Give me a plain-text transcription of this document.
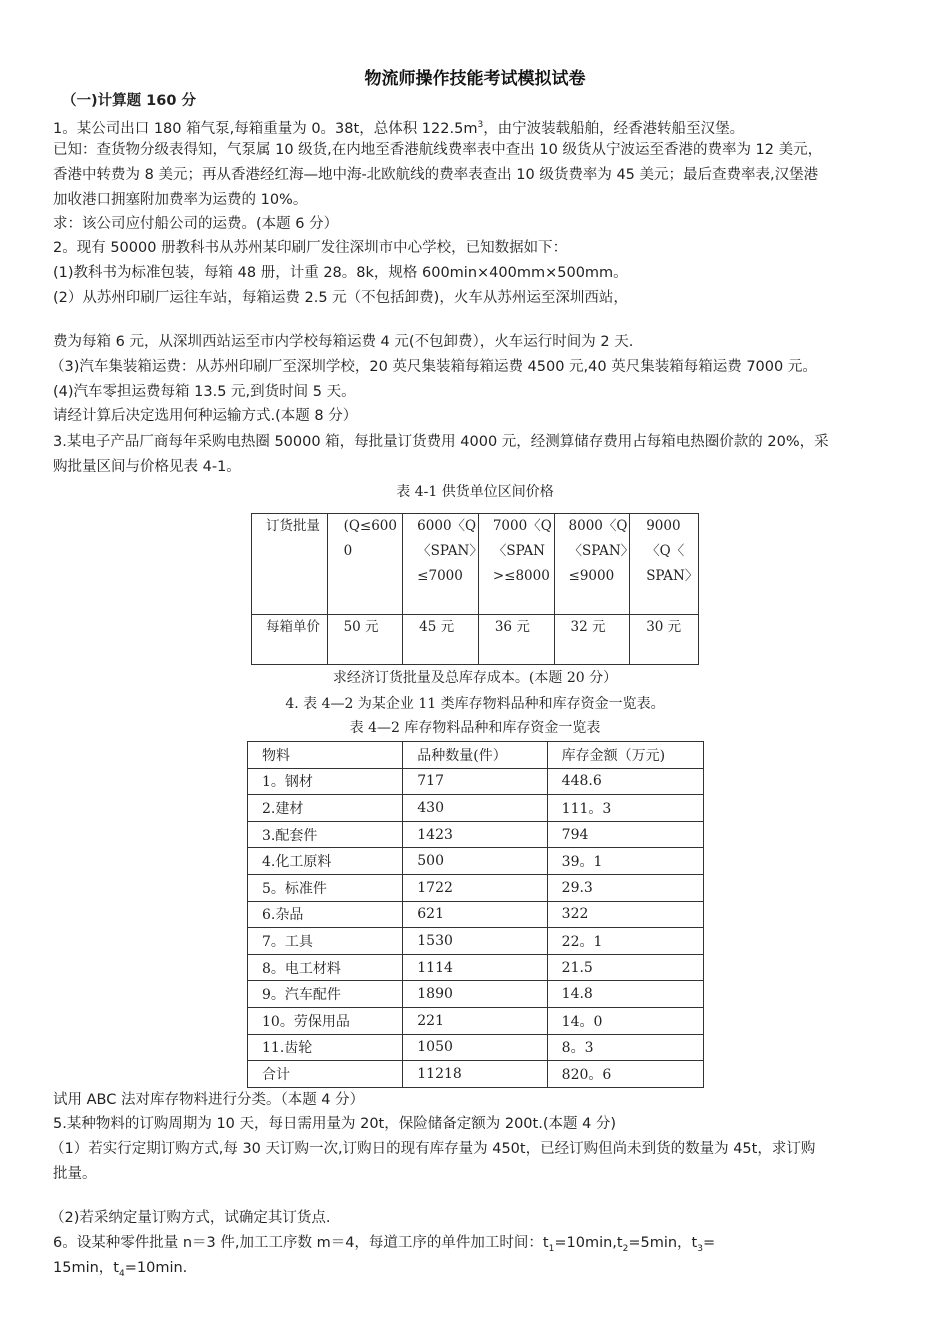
物流师操作技能考试模拟试卷
（一)计算题 160 分
1。某公司出口 180 箱气泵,每箱重量为 0。38t，总体积 $122.5m^3$，由宁波装载船舶，经香港转船至汉堡。
已知：查货物分级表得知，气泵属 10 级货,在内地至香港航线费率表中查出 10 级货从宁波运至香港的费率为 12 美元，
香港中转费为 8 美元；再从香港经红海—地中海-北欧航线的费率表查出 10 级货费率为 45 美元；最后查费率表,汉堡港
加收港口拥塞附加费率为运费的 10%。
求：该公司应付船公司的运费。(本题 6 分）
2。现有 50000 册教科书从苏州某印刷厂发往深圳市中心学校，已知数据如下：
(1)教科书为标准包装，每箱 48 册，计重 28。8k，规格 600min×400mm×500mm。
(2）从苏州印刷厂运往车站，每箱运费 2.5 元（不包括卸费)，火车从苏州运至深圳西站，
费为每箱 6 元，从深圳西站运至市内学校每箱运费 4 元(不包卸费），火车运行时间为 2 天.
（3)汽车集装箱运费：从苏州印刷厂至深圳学校，20 英尺集装箱每箱运费 4500 元,40 英尺集装箱每箱运费 7000 元。
(4)汽车零担运费每箱 13.5 元,到货时间 5 天。
请经计算后决定选用何种运输方式.(本题 8 分）
3.某电子产品厂商每年采购电热圈 50000 箱，每批量订货费用 4000 元，经测算储存费用占每箱电热圈价款的 20%，采
购批量区间与价格见表 4-1。
表 4-1 供货单位区间价格
订货批量	(Q≤6000	6000〈Q〈SPAN〉≤7000	7000〈Q〈SPAN>≤8000	8000〈Q〈SPAN〉≤9000	9000〈Q〈 SPAN〉

每箱单价	50 元	45 元	36 元	32 元	30 元
求经济订货批量及总库存成本。(本题 20 分）
4. 表 4—2 为某企业 11 类库存物料品种和库存资金一览表。
表 4—2 库存物料品种和库存资金一览表
物料	品种数量(件）	库存金额（万元)
1。钢材	717	448.6
2.建材	430	111。3
3.配套件	1423	794
4.化工原料	500	39。1
5。标准件	1722	29.3
6.杂品	621	322
7。工具	1530	22。1
8。电工材料	1114	21.5
9。汽车配件	1890	14.8
10。劳保用品	221	14。0
11.齿轮	1050	8。3
合计	11218	820。6
试用 ABC 法对库存物料进行分类。（本题 4 分）
5.某种物料的订购周期为 10 天，每日需用量为 20t，保险储备定额为 200t.(本题 4 分)
（1）若实行定期订购方式,每 30 天订购一次,订购日的现有库存量为 450t，已经订购但尚未到货的数量为 45t，求订购
批量。
（2)若采纳定量订购方式，试确定其订货点.
6。设某种零件批量 n＝3 件,加工工序数 m＝4，每道工序的单件加工时间：$t_1=10\min,t_2=5\min$，$t_3=$
15min，$t_4=10\min$.
